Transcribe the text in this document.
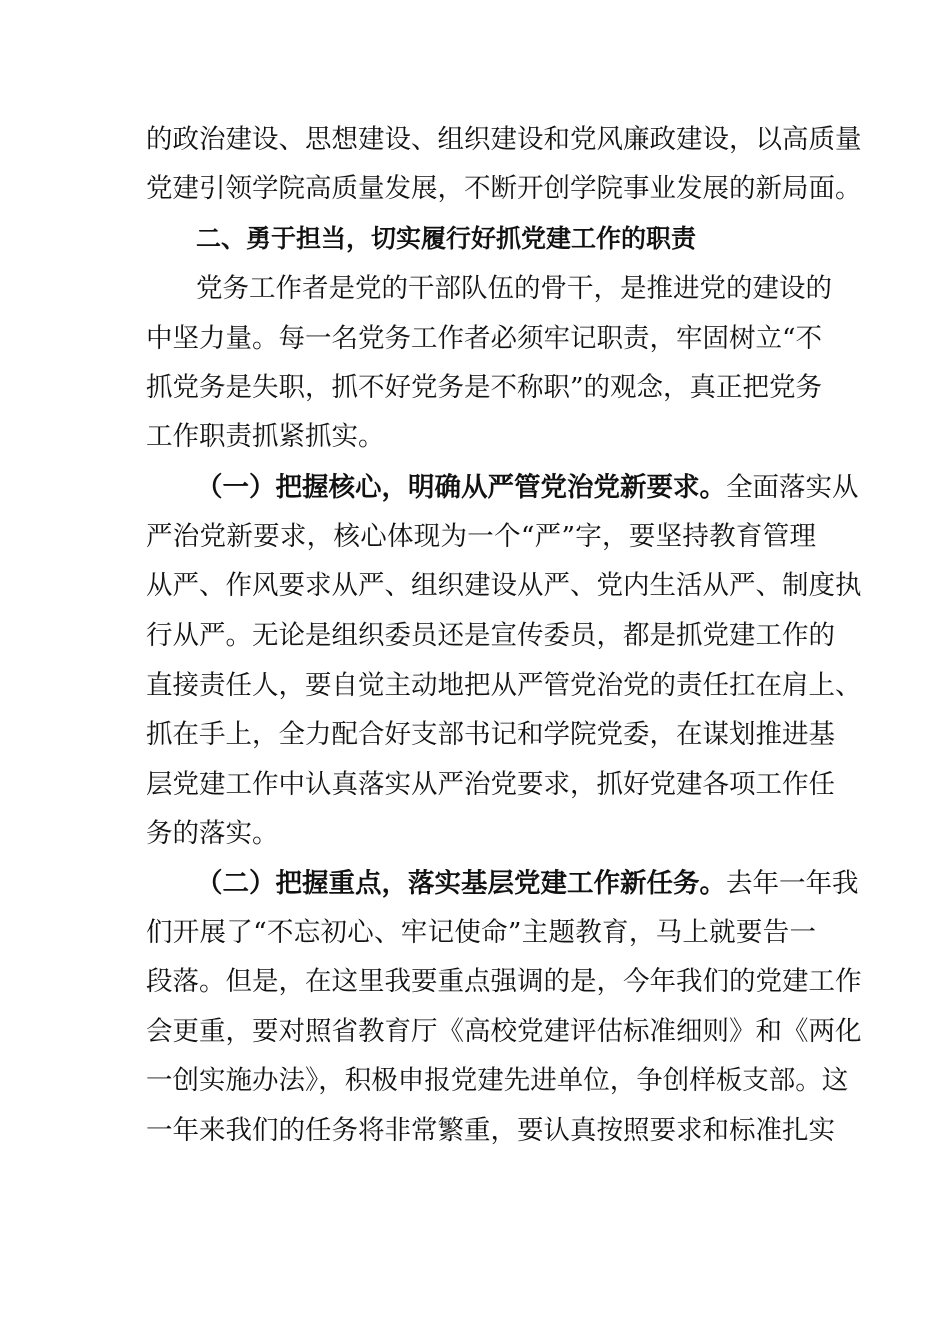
的政治建设、思想建设、组织建设和党风廉政建设，以高质量
党建引领学院高质量发展，不断开创学院事业发展的新局面。
二、勇于担当，切实履行好抓党建工作的职责
党务工作者是党的干部队伍的骨干，是推进党的建设的
中坚力量。每一名党务工作者必须牢记职责，牢固树立“不
抓党务是失职，抓不好党务是不称职”的观念，真正把党务
工作职责抓紧抓实。
（一）把握核心，明确从严管党治党新要求。全面落实从
严治党新要求，核心体现为一个“严”字，要坚持教育管理
从严、作风要求从严、组织建设从严、党内生活从严、制度执
行从严。无论是组织委员还是宣传委员，都是抓党建工作的
直接责任人，要自觉主动地把从严管党治党的责任扛在肩上、
抓在手上，全力配合好支部书记和学院党委，在谋划推进基
层党建工作中认真落实从严治党要求，抓好党建各项工作任
务的落实。
（二）把握重点，落实基层党建工作新任务。去年一年我
们开展了“不忘初心、牢记使命”主题教育，马上就要告一
段落。但是，在这里我要重点强调的是，今年我们的党建工作
会更重，要对照省教育厅《高校党建评估标准细则》和《两化
一创实施办法》，积极申报党建先进单位，争创样板支部。这
一年来我们的任务将非常繁重，要认真按照要求和标准扎实
